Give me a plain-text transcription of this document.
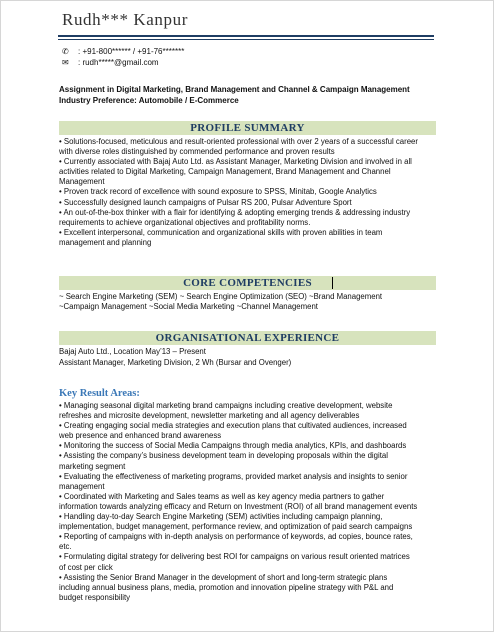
Rudh*** Kanpur
✆	: +91-800****** / +91-76*******
✉	: rudh*****@gmail.com
Assignment in Digital Marketing, Brand Management and Channel & Campaign Management
Industry Preference: Automobile / E-Commerce
PROFILE SUMMARY
• Solutions-focused, meticulous and result-oriented professional with over 2 years of a successful career
with diverse roles distinguished by commended performance and proven results
• Currently associated with Bajaj Auto Ltd. as Assistant Manager, Marketing Division and involved in all
activities related to Digital Marketing, Campaign Management, Brand Management and Channel
Management
• Proven track record of excellence with sound exposure to SPSS, Minitab, Google Analytics
• Successfully designed launch campaigns of Pulsar RS 200, Pulsar Adventure Sport
• An out-of-the-box thinker with a flair for identifying & adopting emerging trends & addressing industry
requirements to achieve organizational objectives and profitability norms.
• Excellent interpersonal, communication and organizational skills with proven abilities in team
management and planning
CORE COMPETENCIES
~ Search Engine Marketing (SEM) ~ Search Engine Optimization (SEO) ~Brand Management
~Campaign Management ~Social Media Marketing ~Channel Management
ORGANISATIONAL EXPERIENCE
Bajaj Auto Ltd., Location May’13 – Present
Assistant Manager, Marketing Division, 2 Wh (Bursar and Ovenger)
Key Result Areas:
• Managing seasonal digital marketing brand campaigns including creative development, website
refreshes and microsite development, newsletter marketing and all agency deliverables
• Creating engaging social media strategies and execution plans that cultivated audiences, increased
web presence and enhanced brand awareness
• Monitoring the success of Social Media Campaigns through media analytics, KPIs, and dashboards
• Assisting the company’s business development team in developing proposals within the digital
marketing segment
• Evaluating the effectiveness of marketing programs, provided market analysis and insights to senior
management
• Coordinated with Marketing and Sales teams as well as key agency media partners to gather
information towards analyzing efficacy and Return on Investment (ROI) of all brand management events
• Handling day-to-day Search Engine Marketing (SEM) activities including campaign planning,
implementation, budget management, performance review, and optimization of paid search campaigns
• Reporting of campaigns with in-depth analysis on performance of keywords, ad copies, bounce rates,
etc.
• Formulating digital strategy for delivering best ROI for campaigns on various result oriented matrices
of cost per click
• Assisting the Senior Brand Manager in the development of short and long-term strategic plans
including annual business plans, media, promotion and innovation pipeline strategy with P&L and
budget responsibility
